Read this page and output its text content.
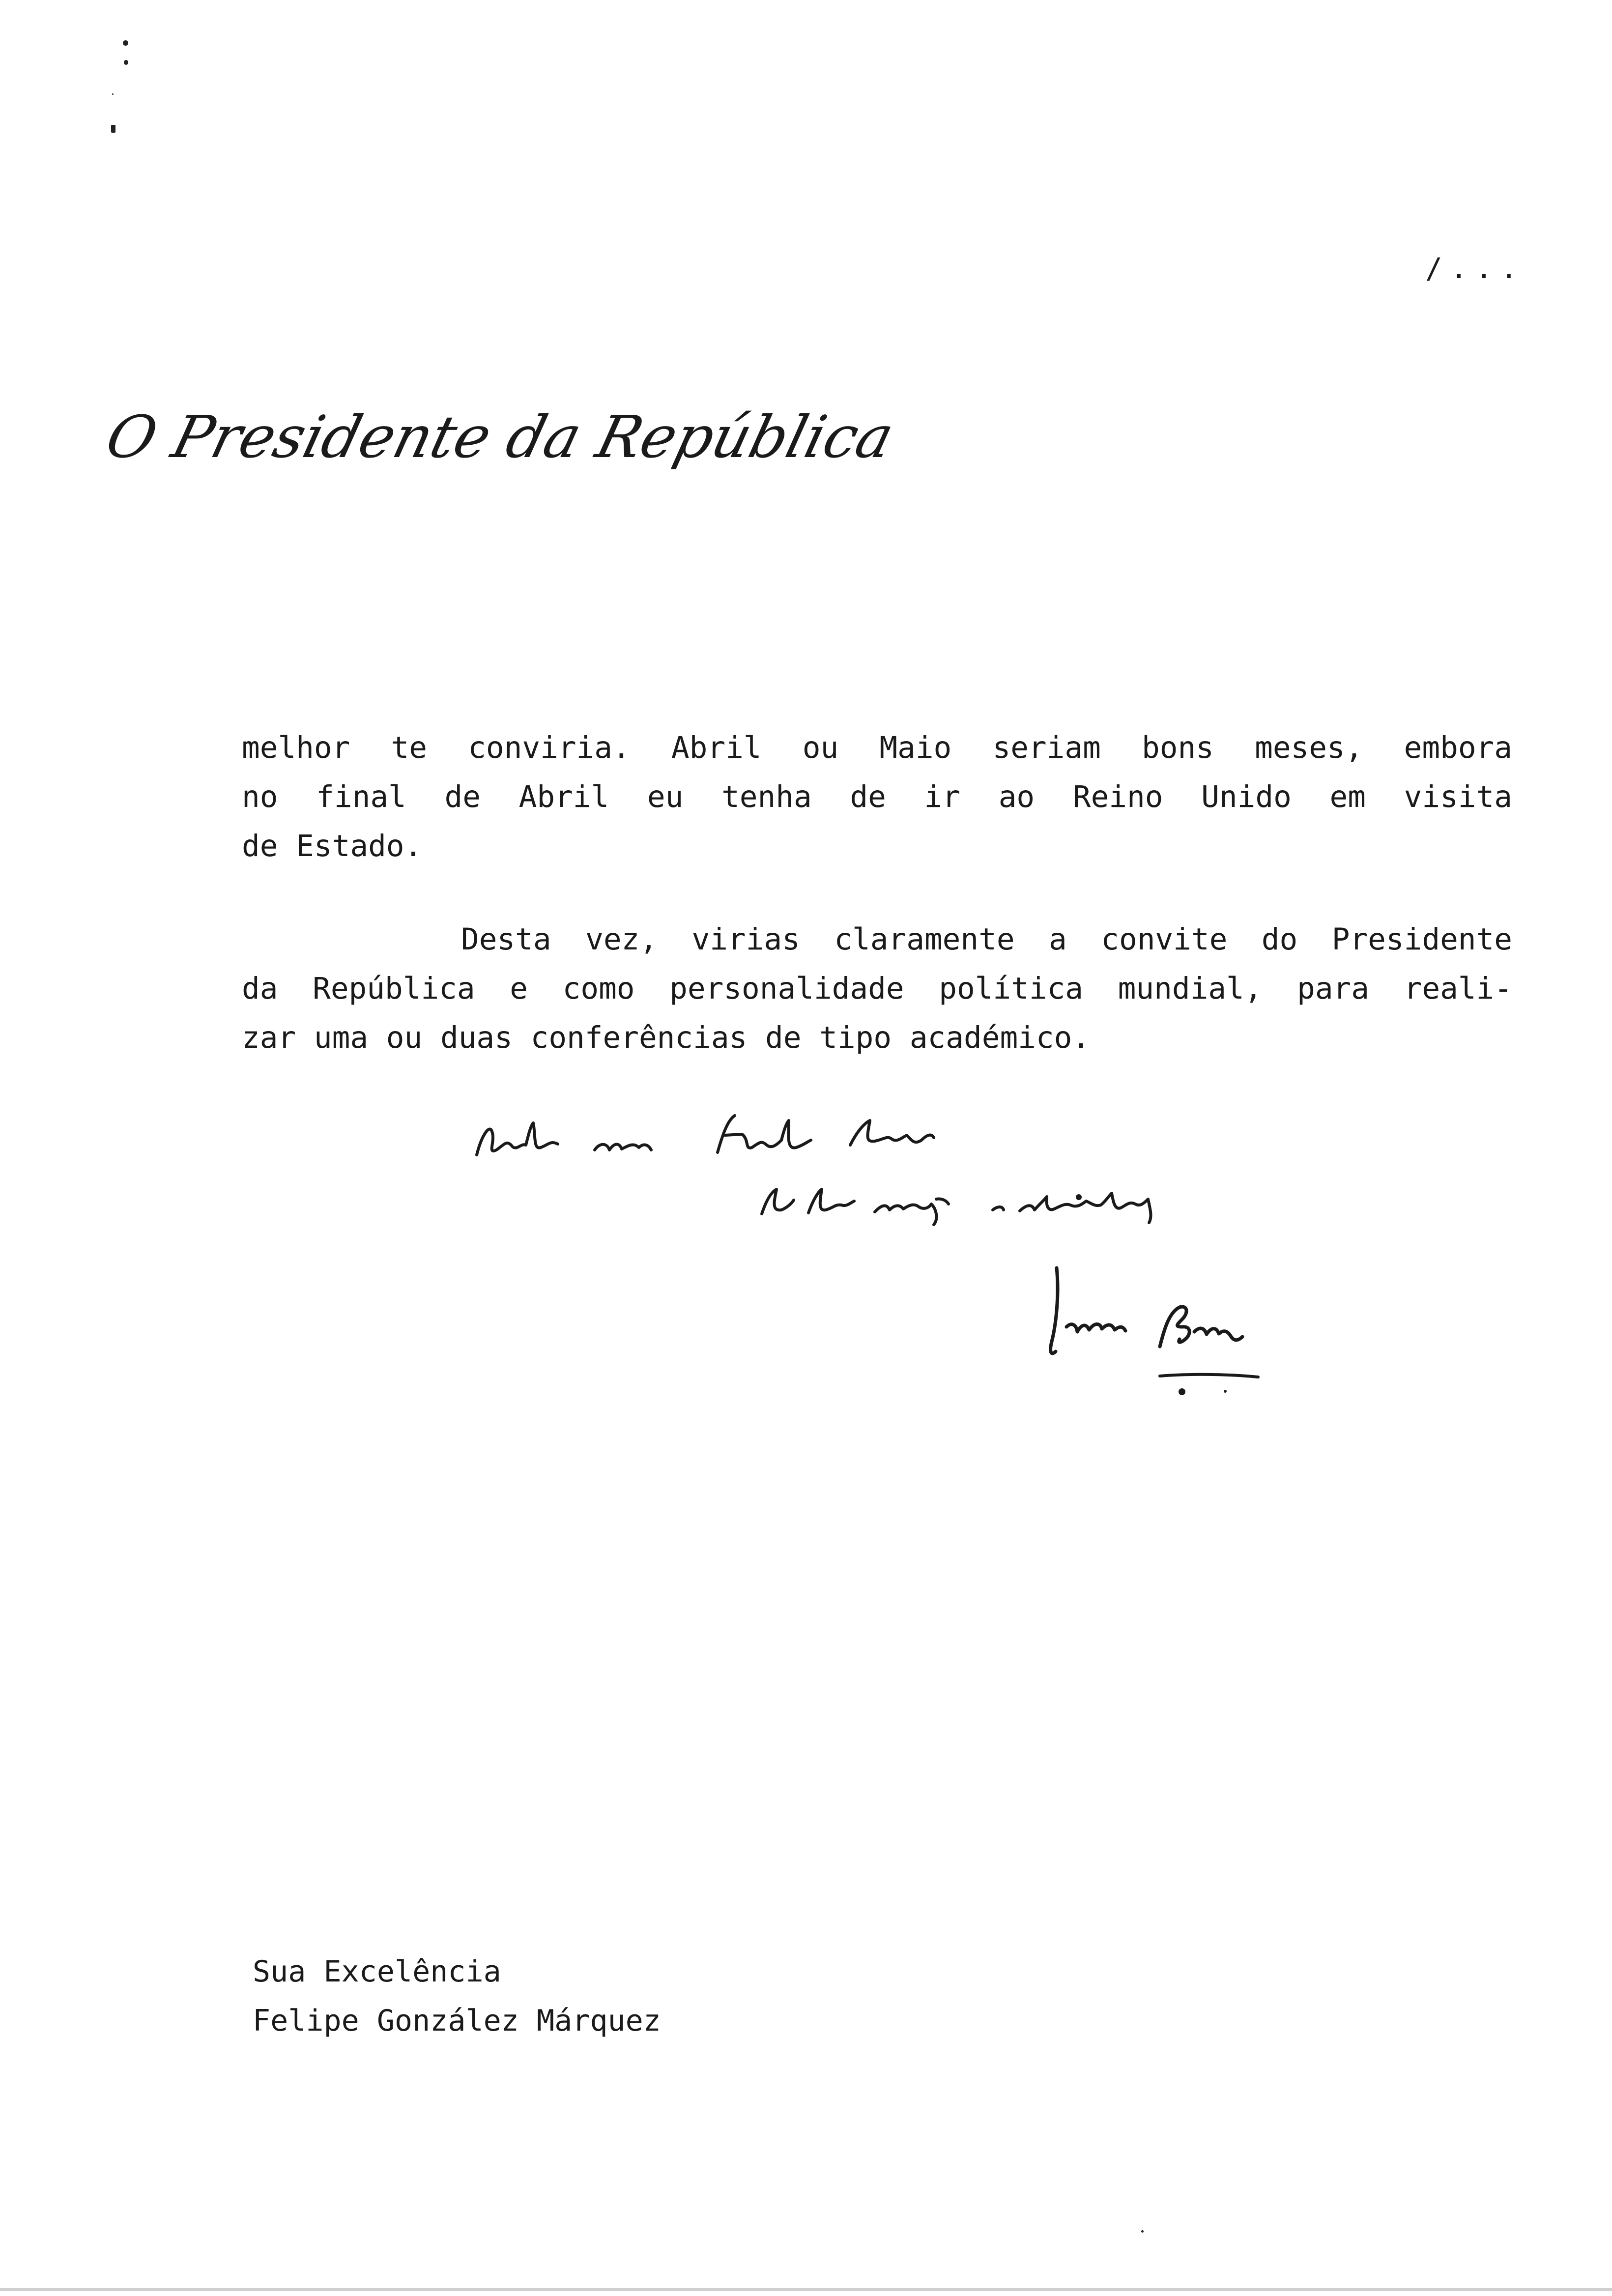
/...
O Presidente da República
melhor te conviria. Abril ou Maio seriam bons meses, embora
no final de Abril eu tenha de ir ao Reino Unido em visita
de Estado.
Desta vez, virias claramente a convite do Presidente
da República e como personalidade política mundial, para reali-
zar uma ou duas conferências de tipo académico.
Sua Excelência
Felipe González Márquez
